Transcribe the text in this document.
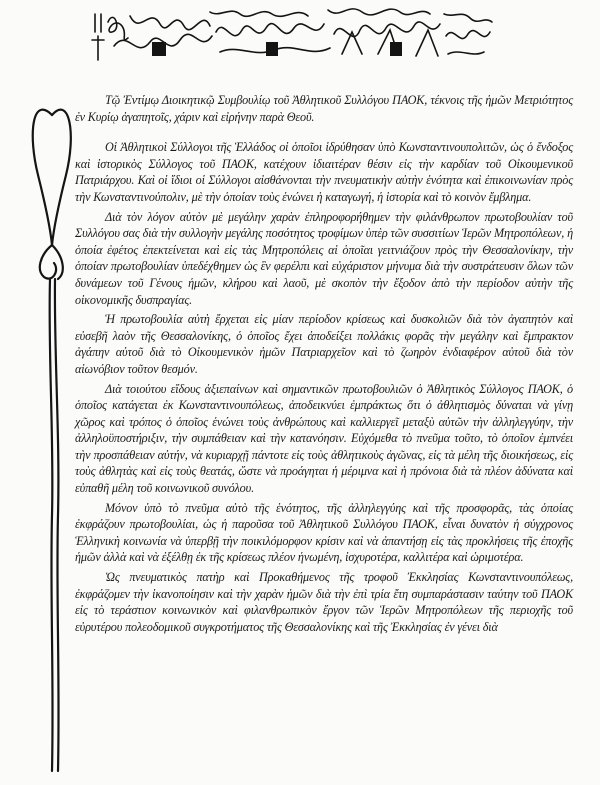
Τῷ Ἐντίμῳ Διοικητικῷ Συμβουλίῳ τοῦ Ἀθλητικοῦ Συλλόγου ΠΑΟΚ, τέκνοις τῆς ἡμῶν Μετριότητος ἐν Κυρίῳ ἀγαπητοῖς, χάριν καὶ εἰρήνην παρὰ Θεοῦ.

Οἱ Ἀθλητικοὶ Σύλλογοι τῆς Ἑλλάδος οἱ ὁποῖοι ἱδρύθησαν ὑπὸ Κωνσταντινουπολιτῶν, ὡς ὁ ἔνδοξος καὶ ἱστορικὸς Σύλλογος τοῦ ΠΑΟΚ, κατέχουν ἰδιαιτέραν θέσιν εἰς τὴν καρδίαν τοῦ Οἰκουμενικοῦ Πατριάρχου. Καὶ οἱ ἴδιοι οἱ Σύλλογοι αἰσθάνονται τὴν πνευματικὴν αὐτὴν ἑνότητα καὶ ἐπικοινωνίαν πρὸς τὴν Κωνσταντινούπολιν, μὲ τὴν ὁποίαν τοὺς ἑνώνει ἡ καταγωγή, ἡ ἱστορία καὶ τὸ κοινὸν ἔμβλημα.

Διὰ τὸν λόγον αὐτὸν μὲ μεγάλην χαρὰν ἐπληροφορήθημεν τὴν φιλάνθρωπον πρωτοβουλίαν τοῦ Συλλόγου σας διὰ τὴν συλλογὴν μεγάλης ποσότητος τροφίμων ὑπὲρ τῶν συσσιτίων Ἱερῶν Μητροπόλεων, ἡ ὁποία ἐφέτος ἐπεκτείνεται καὶ εἰς τὰς Μητροπόλεις αἱ ὁποῖαι γειτνιάζουν πρὸς τὴν Θεσσαλονίκην, τὴν ὁποίαν πρωτοβουλίαν ὑπεδέχθημεν ὡς ἓν φερέλπι καὶ εὐχάριστον μήνυμα διὰ τὴν συστράτευσιν ὅλων τῶν δυνάμεων τοῦ Γένους ἡμῶν, κλήρου καὶ λαοῦ, μὲ σκοπὸν τὴν ἔξοδον ἀπὸ τὴν περίοδον αὐτὴν τῆς οἰκονομικῆς δυσπραγίας.

Ἡ πρωτοβουλία αὐτὴ ἔρχεται εἰς μίαν περίοδον κρίσεως καὶ δυσκολιῶν διὰ τὸν ἀγαπητὸν καὶ εὐσεβῆ λαὸν τῆς Θεσσαλονίκης, ὁ ὁποῖος ἔχει ἀποδείξει πολλάκις φορᾶς τὴν μεγάλην καὶ ἔμπρακτον ἀγάπην αὐτοῦ διὰ τὸ Οἰκουμενικὸν ἡμῶν Πατριαρχεῖον καὶ τὸ ζωηρὸν ἐνδιαφέρον αὐτοῦ διὰ τὸν αἰωνόβιον τοῦτον θεσμόν.

Διὰ τοιούτου εἴδους ἀξιεπαίνων καὶ σημαντικῶν πρωτοβουλιῶν ὁ Ἀθλητικὸς Σύλλογος ΠΑΟΚ, ὁ ὁποῖος κατάγεται ἐκ Κωνσταντινουπόλεως, ἀποδεικνύει ἐμπράκτως ὅτι ὁ ἀθλητισμὸς δύναται νὰ γίνῃ χῶρος καὶ τρόπος ὁ ὁποῖος ἑνώνει τοὺς ἀνθρώπους καὶ καλλιεργεῖ μεταξὺ αὐτῶν τὴν ἀλληλεγγύην, τὴν ἀλληλοϋποστήριξιν, τὴν συμπάθειαν καὶ τὴν κατανόησιν. Εὐχόμεθα τὸ πνεῦμα τοῦτο, τὸ ὁποῖον ἐμπνέει τὴν προσπάθειαν αὐτήν, νὰ κυριαρχῇ πάντοτε εἰς τοὺς ἀθλητικοὺς ἀγῶνας, εἰς τὰ μέλη τῆς διοικήσεως, εἰς τοὺς ἀθλητὰς καὶ εἰς τοὺς θεατάς, ὥστε νὰ προάγηται ἡ μέριμνα καὶ ἡ πρόνοια διὰ τὰ πλέον ἀδύνατα καὶ εὐπαθῆ μέλη τοῦ κοινωνικοῦ συνόλου.

Μόνον ὑπὸ τὸ πνεῦμα αὐτὸ τῆς ἑνότητος, τῆς ἀλληλεγγύης καὶ τῆς προσφορᾶς, τὰς ὁποίας ἐκφράζουν πρωτοβουλίαι, ὡς ἡ παροῦσα τοῦ Ἀθλητικοῦ Συλλόγου ΠΑΟΚ, εἶναι δυνατὸν ἡ σύγχρονος Ἑλληνικὴ κοινωνία νὰ ὑπερβῇ τὴν ποικιλόμορφον κρίσιν καὶ νὰ ἀπαντήσῃ εἰς τὰς προκλήσεις τῆς ἐποχῆς ἡμῶν ἀλλὰ καὶ νὰ ἐξέλθῃ ἐκ τῆς κρίσεως πλέον ἡνωμένη, ἰσχυροτέρα, καλλιτέρα καὶ ὡριμοτέρα.

Ὡς πνευματικὸς πατὴρ καὶ Προκαθήμενος τῆς τροφοῦ Ἐκκλησίας Κωνσταντινουπόλεως, ἐκφράζομεν τὴν ἱκανοποίησιν καὶ τὴν χαρὰν ἡμῶν διὰ τὴν ἐπὶ τρία ἔτη συμπαράστασιν ταύτην τοῦ ΠΑΟΚ εἰς τὸ τεράστιον κοινωνικὸν καὶ φιλανθρωπικὸν ἔργον τῶν Ἱερῶν Μητροπόλεων τῆς περιοχῆς τοῦ εὐρυτέρου πολεοδομικοῦ συγκροτήματος τῆς Θεσσαλονίκης καὶ τῆς Ἐκκλησίας ἐν γένει διὰ
